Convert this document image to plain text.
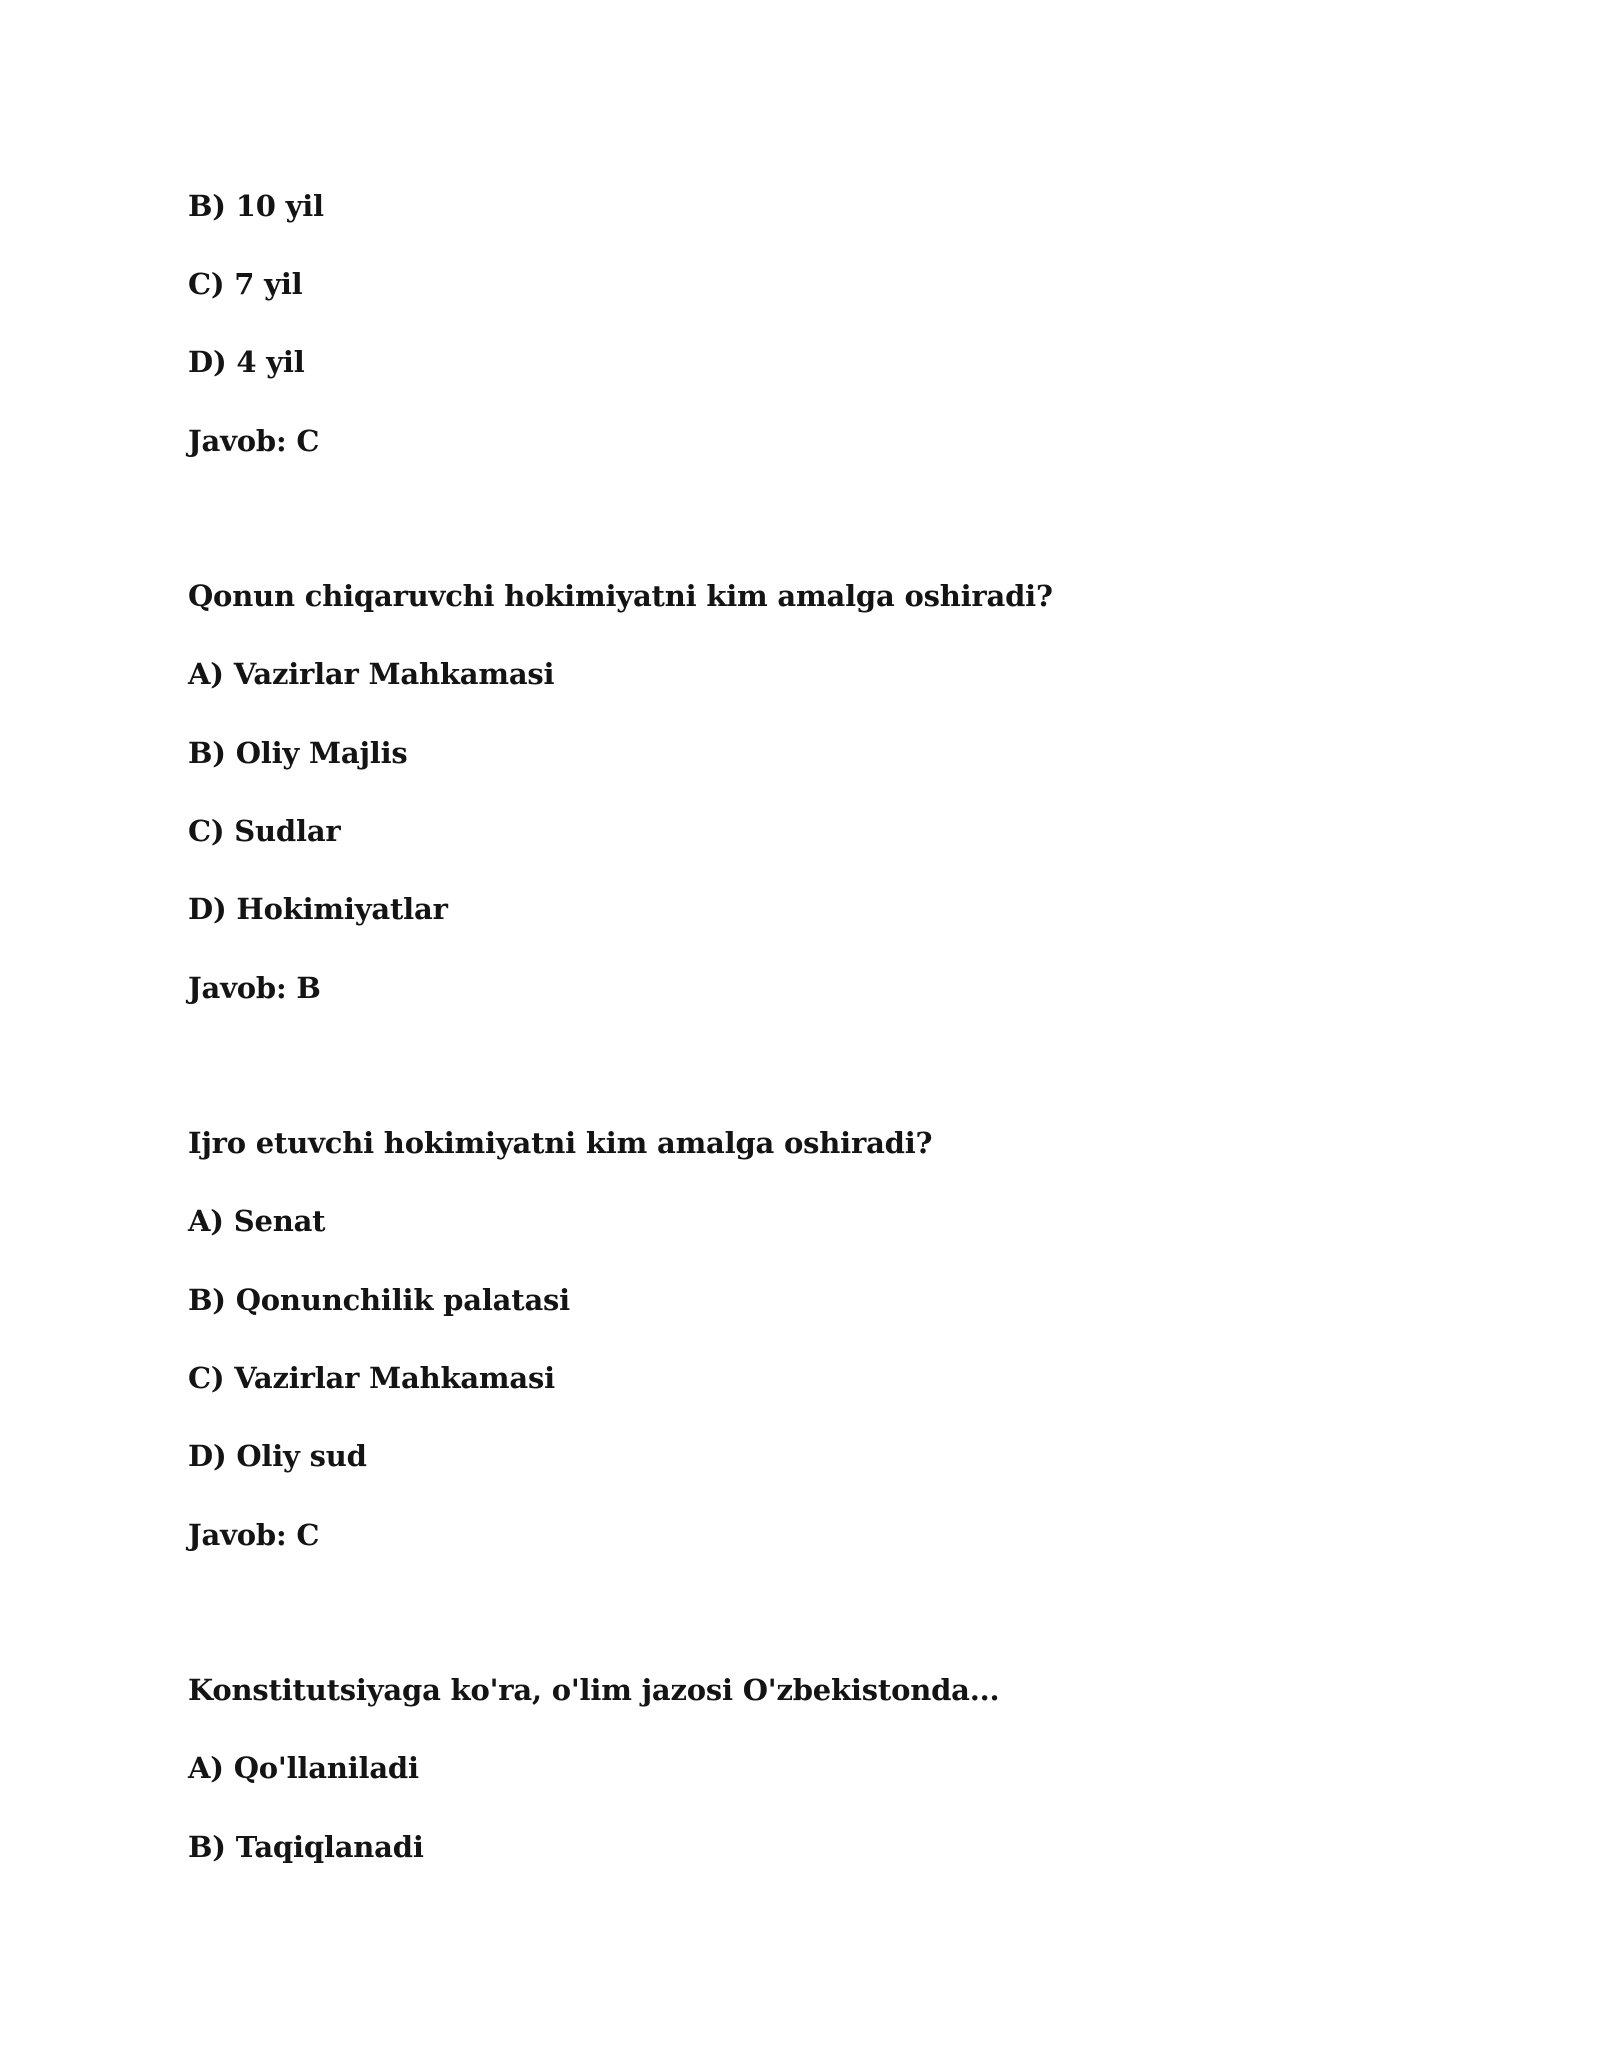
B) 10 yil
C) 7 yil
D) 4 yil
Javob: C
Qonun chiqaruvchi hokimiyatni kim amalga oshiradi?
A) Vazirlar Mahkamasi
B) Oliy Majlis
C) Sudlar
D) Hokimiyatlar
Javob: B
Ijro etuvchi hokimiyatni kim amalga oshiradi?
A) Senat
B) Qonunchilik palatasi
C) Vazirlar Mahkamasi
D) Oliy sud
Javob: C
Konstitutsiyaga ko'ra, o'lim jazosi O'zbekistonda...
A) Qo'llaniladi
B) Taqiqlanadi
